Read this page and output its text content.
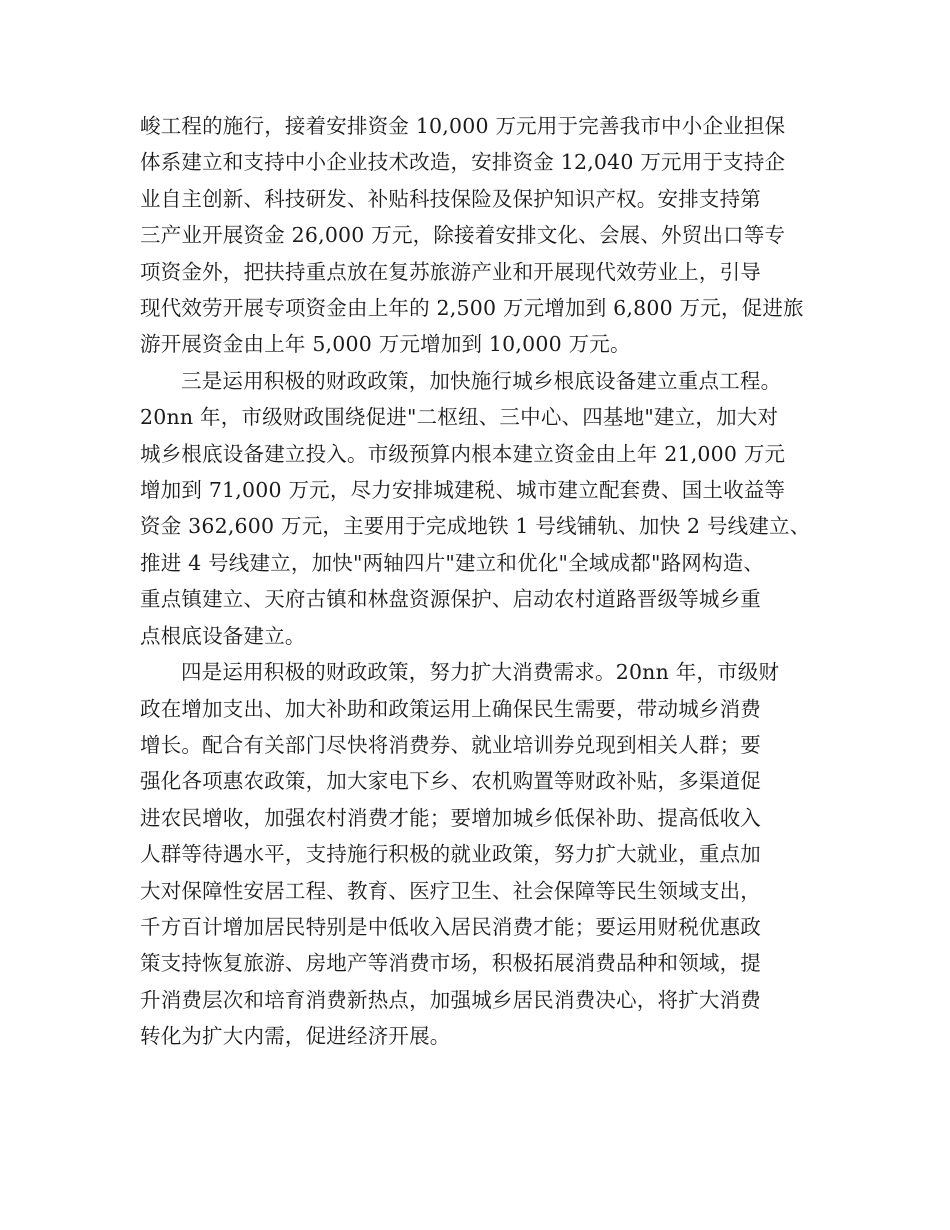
峻工程的施行，接着安排资金 10,000 万元用于完善我市中小企业担保
体系建立和支持中小企业技术改造，安排资金 12,040 万元用于支持企
业自主创新、科技研发、补贴科技保险及保护知识产权。安排支持第
三产业开展资金 26,000 万元，除接着安排文化、会展、外贸出口等专
项资金外，把扶持重点放在复苏旅游产业和开展现代效劳业上，引导
现代效劳开展专项资金由上年的 2,500 万元增加到 6,800 万元，促进旅
游开展资金由上年 5,000 万元增加到 10,000 万元。

三是运用积极的财政政策，加快施行城乡根底设备建立重点工程。
20nn 年，市级财政围绕促进"二枢纽、三中心、四基地"建立，加大对
城乡根底设备建立投入。市级预算内根本建立资金由上年 21,000 万元
增加到 71,000 万元，尽力安排城建税、城市建立配套费、国土收益等
资金 362,600 万元，主要用于完成地铁 1 号线铺轨、加快 2 号线建立、
推进 4 号线建立，加快"两轴四片"建立和优化"全域成都"路网构造、
重点镇建立、天府古镇和林盘资源保护、启动农村道路晋级等城乡重
点根底设备建立。

四是运用积极的财政政策，努力扩大消费需求。20nn 年，市级财
政在增加支出、加大补助和政策运用上确保民生需要，带动城乡消费
增长。配合有关部门尽快将消费券、就业培训券兑现到相关人群；要
强化各项惠农政策，加大家电下乡、农机购置等财政补贴，多渠道促
进农民增收，加强农村消费才能；要增加城乡低保补助、提高低收入
人群等待遇水平，支持施行积极的就业政策，努力扩大就业，重点加
大对保障性安居工程、教育、医疗卫生、社会保障等民生领域支出，
千方百计增加居民特别是中低收入居民消费才能；要运用财税优惠政
策支持恢复旅游、房地产等消费市场，积极拓展消费品种和领域，提
升消费层次和培育消费新热点，加强城乡居民消费决心，将扩大消费
转化为扩大内需，促进经济开展。
